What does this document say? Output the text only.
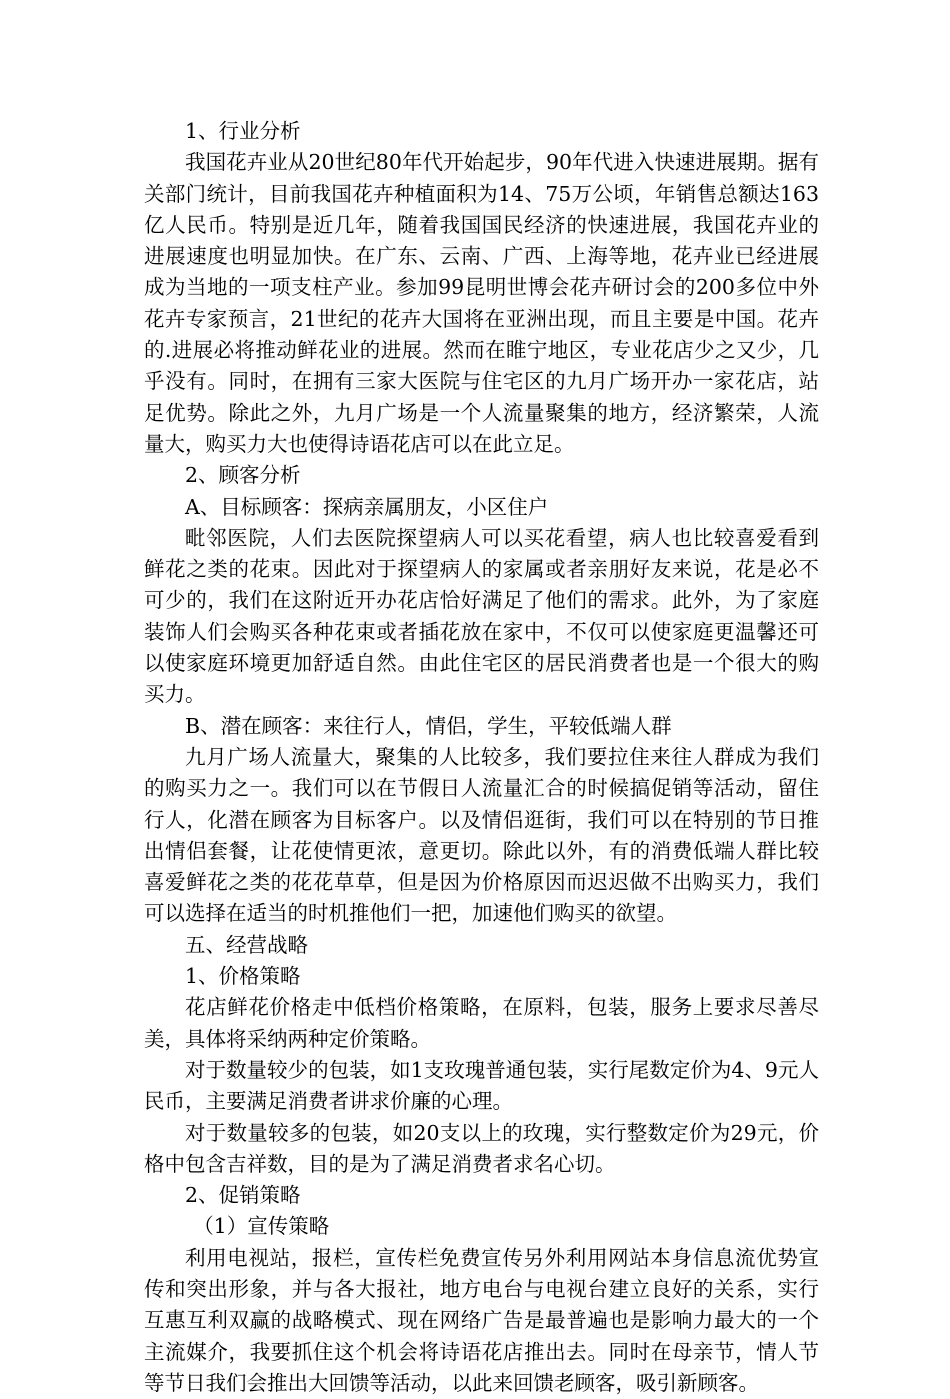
1、行业分析

我国花卉业从20世纪80年代开始起步，90年代进入快速进展期。据有关部门统计，目前我国花卉种植面积为14、75万公顷，年销售总额达163亿人民币。特别是近几年，随着我国国民经济的快速进展，我国花卉业的进展速度也明显加快。在广东、云南、广西、上海等地，花卉业已经进展成为当地的一项支柱产业。参加99昆明世博会花卉研讨会的200多位中外花卉专家预言，21世纪的花卉大国将在亚洲出现，而且主要是中国。花卉的.进展必将推动鲜花业的进展。然而在睢宁地区，专业花店少之又少，几乎没有。同时，在拥有三家大医院与住宅区的九月广场开办一家花店，站足优势。除此之外，九月广场是一个人流量聚集的地方，经济繁荣，人流量大，购买力大也使得诗语花店可以在此立足。

2、顾客分析

A、目标顾客：探病亲属朋友，小区住户

毗邻医院，人们去医院探望病人可以买花看望，病人也比较喜爱看到鲜花之类的花束。因此对于探望病人的家属或者亲朋好友来说，花是必不可少的，我们在这附近开办花店恰好满足了他们的需求。此外，为了家庭装饰人们会购买各种花束或者插花放在家中，不仅可以使家庭更温馨还可以使家庭环境更加舒适自然。由此住宅区的居民消费者也是一个很大的购买力。

B、潜在顾客：来往行人，情侣，学生，平较低端人群

九月广场人流量大，聚集的人比较多，我们要拉住来往人群成为我们的购买力之一。我们可以在节假日人流量汇合的时候搞促销等活动，留住行人，化潜在顾客为目标客户。以及情侣逛街，我们可以在特别的节日推出情侣套餐，让花使情更浓，意更切。除此以外，有的消费低端人群比较喜爱鲜花之类的花花草草，但是因为价格原因而迟迟做不出购买力，我们可以选择在适当的时机推他们一把，加速他们购买的欲望。

五、经营战略

1、价格策略

花店鲜花价格走中低档价格策略，在原料，包装，服务上要求尽善尽美，具体将采纳两种定价策略。

对于数量较少的包装，如1支玫瑰普通包装，实行尾数定价为4、9元人民币，主要满足消费者讲求价廉的心理。

对于数量较多的包装，如20支以上的玫瑰，实行整数定价为29元，价格中包含吉祥数，目的是为了满足消费者求名心切。

2、促销策略

（1）宣传策略

利用电视站，报栏，宣传栏免费宣传另外利用网站本身信息流优势宣传和突出形象，并与各大报社，地方电台与电视台建立良好的关系，实行互惠互利双赢的战略模式、现在网络广告是最普遍也是影响力最大的一个主流媒介，我要抓住这个机会将诗语花店推出去。同时在母亲节，情人节等节日我们会推出大回馈等活动，以此来回馈老顾客，吸引新顾客。
